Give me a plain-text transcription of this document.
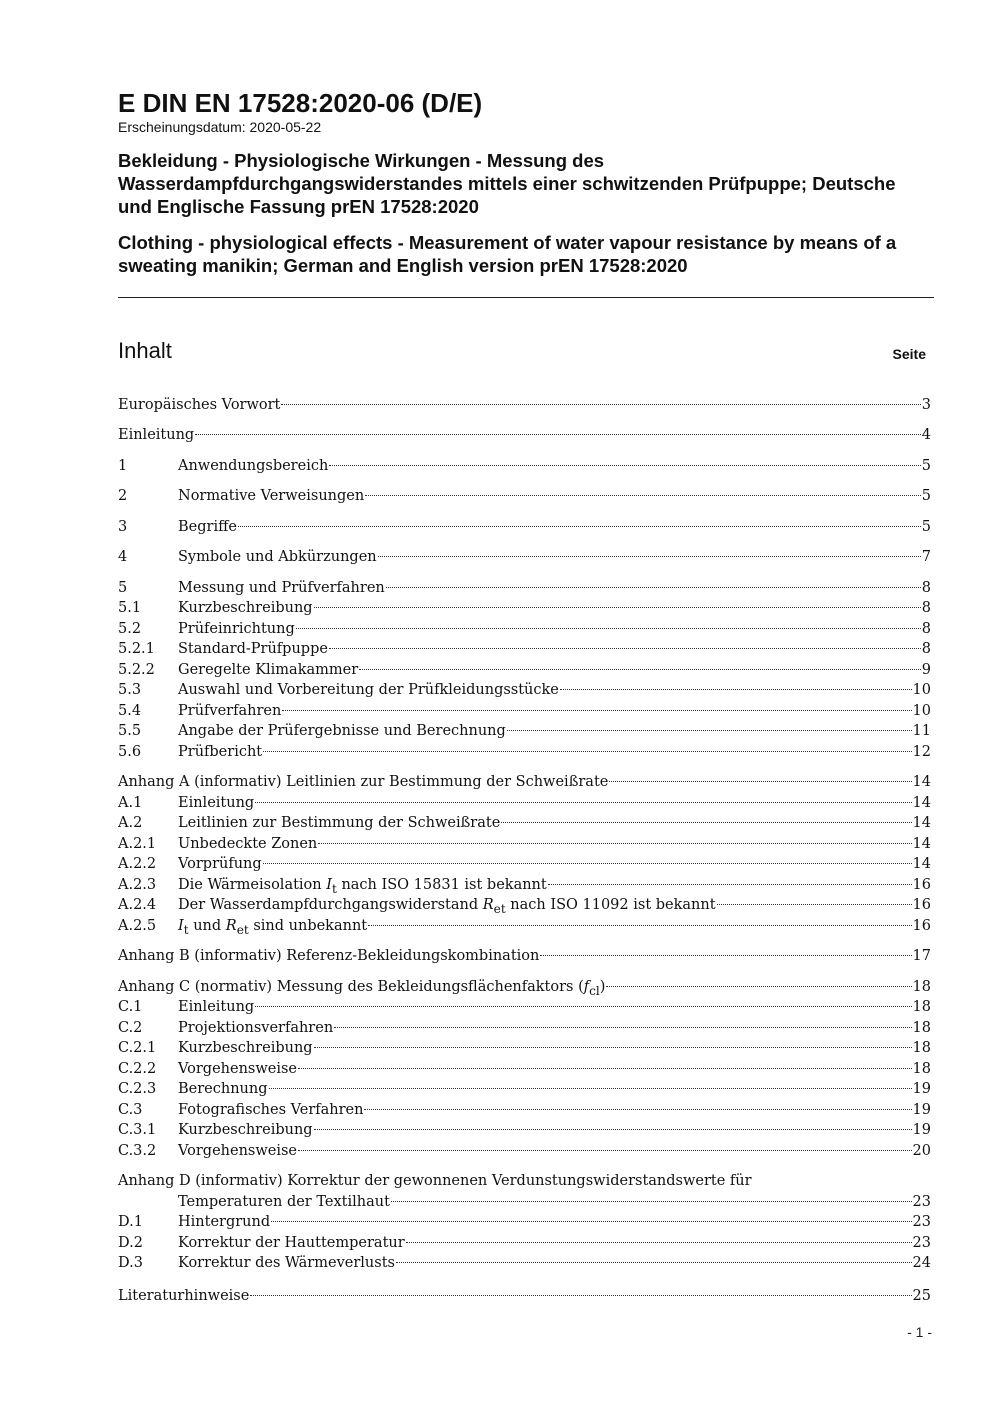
E DIN EN 17528:2020-06 (D/E)

Erscheinungsdatum: 2020-05-22

Bekleidung - Physiologische Wirkungen - Messung des Wasserdampfdurchgangswiderstandes mittels einer schwitzenden Prüfpuppe; Deutsche und Englische Fassung prEN 17528:2020

Clothing - physiological effects - Measurement of water vapour resistance by means of a sweating manikin; German and English version prEN 17528:2020

Inhalt	Seite
Europäisches Vorwort	3
Einleitung	4
1	Anwendungsbereich	5
2	Normative Verweisungen	5
3	Begriffe	5
4	Symbole und Abkürzungen	7
5	Messung und Prüfverfahren	8
5.1	Kurzbeschreibung	8
5.2	Prüfeinrichtung	8
5.2.1 Standard-Prüfpuppe	8
5.2.2 Geregelte Klimakammer	9
5.3	Auswahl und Vorbereitung der Prüfkleidungsstücke	10
5.4	Prüfverfahren	10
5.5	Angabe der Prüfergebnisse und Berechnung	11
5.6	Prüfbericht	12
Anhang A (informativ) Leitlinien zur Bestimmung der Schweißrate	14
A.1 Einleitung	14
A.2 Leitlinien zur Bestimmung der Schweißrate	14
A.2.1 Unbedeckte Zonen	14
A.2.2 Vorprüfung	14
A.2.3 Die Wärmeisolation $I_t$ nach ISO 15831 ist bekannt	16
A.2.4 Der Wasserdampfdurchgangswiderstand $R_{et}$ nach ISO 11092 ist bekannt	16
A.2.5 $I_t$ und $R_{et}$ sind unbekannt	16
Anhang B (informativ) Referenz-Bekleidungskombination	17
Anhang C (normativ) Messung des Bekleidungsflächenfaktors $(f_{cl})$	18
C.1 Einleitung	18
C.2 Projektionsverfahren	18
C.2.1 Kurzbeschreibung	18
C.2.2 Vorgehensweise	18
C.2.3 Berechnung	19
C.3 Fotografisches Verfahren	19
C.3.1 Kurzbeschreibung	19
C.3.2 Vorgehensweise	20
Anhang D (informativ) Korrektur der gewonnenen Verdunstungswiderstandswerte für
Temperaturen der Textilhaut	23
D.1 Hintergrund	23
D.2 Korrektur der Hauttemperatur	23
D.3 Korrektur des Wärmeverlusts	24
Literaturhinweise	25
- 1 -
